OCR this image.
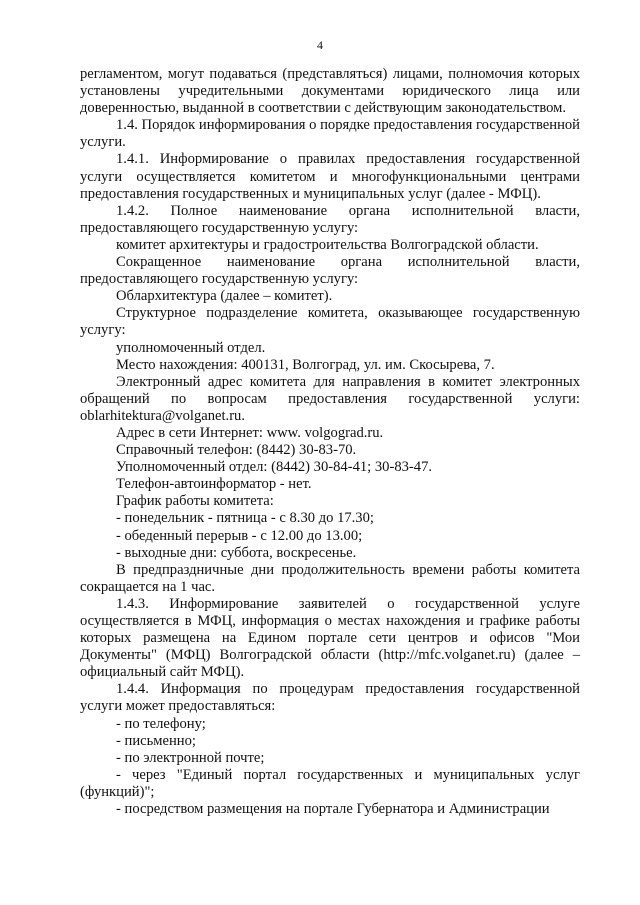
4

регламентом, могут подаваться (представляться) лицами, полномочия которых установлены учредительными документами юридического лица или доверенностью, выданной в соответствии с действующим законодательством.

1.4. Порядок информирования о порядке предоставления государственной услуги.

1.4.1. Информирование о правилах предоставления государственной услуги осуществляется комитетом и многофункциональными центрами предоставления государственных и муниципальных услуг (далее - МФЦ).

1.4.2. Полное наименование органа исполнительной власти, предоставляющего государственную услугу:

комитет архитектуры и градостроительства Волгоградской области.

Сокращенное наименование органа исполнительной власти, предоставляющего государственную услугу:

Облархитектура (далее – комитет).

Структурное подразделение комитета, оказывающее государственную услугу:

уполномоченный отдел.

Место нахождения: 400131, Волгоград, ул. им. Скосырева, 7.

Электронный адрес комитета для направления в комитет электронных обращений по вопросам предоставления государственной услуги: oblarhitektura@volganet.ru.

Адрес в сети Интернет: www. volgograd.ru.

Справочный телефон: (8442) 30-83-70.

Уполномоченный отдел: (8442) 30-84-41; 30-83-47.

Телефон-автоинформатор - нет.

График работы комитета:

- понедельник - пятница - с 8.30 до 17.30;

- обеденный перерыв - с 12.00 до 13.00;

- выходные дни: суббота, воскресенье.

В предпраздничные дни продолжительность времени работы комитета сокращается на 1 час.

1.4.3. Информирование заявителей о государственной услуге осуществляется в МФЦ, информация о местах нахождения и графике работы которых размещена на Едином портале сети центров и офисов "Мои Документы" (МФЦ) Волгоградской области (http://mfc.volganet.ru) (далее – официальный сайт МФЦ).

1.4.4. Информация по процедурам предоставления государственной услуги может предоставляться:

- по телефону;

- письменно;

- по электронной почте;

- через "Единый портал государственных и муниципальных услуг (функций)";

- посредством размещения на портале Губернатора и Администрации
